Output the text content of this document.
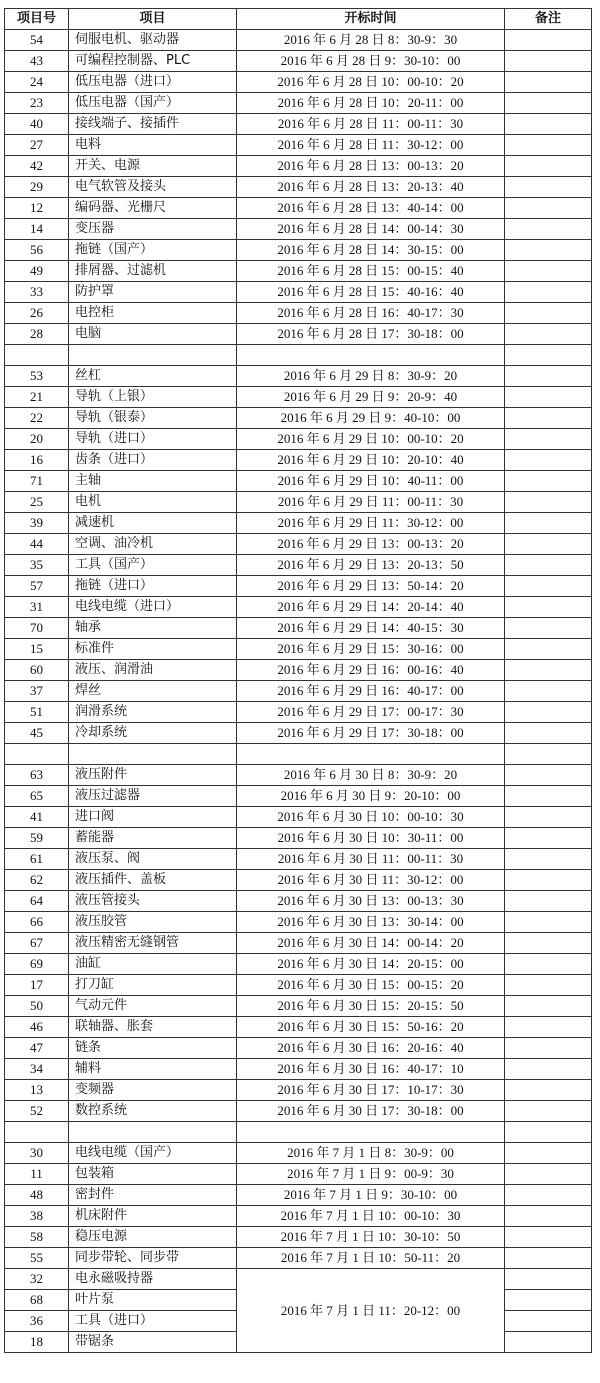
项目号	项目	开标时间	备注
54	伺服电机、驱动器	2016 年 6 月 28 日 8：30-9：30	
43	可编程控制器、PLC	2016 年 6 月 28 日 9：30-10：00	
24	低压电器（进口）	2016 年 6 月 28 日 10：00-10：20	
23	低压电器（国产）	2016 年 6 月 28 日 10：20-11：00	
40	接线端子、接插件	2016 年 6 月 28 日 11：00-11：30	
27	电料	2016 年 6 月 28 日 11：30-12：00	
42	开关、电源	2016 年 6 月 28 日 13：00-13：20	
29	电气软管及接头	2016 年 6 月 28 日 13：20-13：40	
12	编码器、光栅尺	2016 年 6 月 28 日 13：40-14：00	
14	变压器	2016 年 6 月 28 日 14：00-14：30	
56	拖链（国产）	2016 年 6 月 28 日 14：30-15：00	
49	排屑器、过滤机	2016 年 6 月 28 日 15：00-15：40	
33	防护罩	2016 年 6 月 28 日 15：40-16：40	
26	电控柜	2016 年 6 月 28 日 16：40-17：30	
28	电脑	2016 年 6 月 28 日 17：30-18：00	

53	丝杠	2016 年 6 月 29 日 8：30-9：20	
21	导轨（上银）	2016 年 6 月 29 日 9：20-9：40	
22	导轨（银泰）	2016 年 6 月 29 日 9：40-10：00	
20	导轨（进口）	2016 年 6 月 29 日 10：00-10：20	
16	齿条（进口）	2016 年 6 月 29 日 10：20-10：40	
71	主轴	2016 年 6 月 29 日 10：40-11：00	
25	电机	2016 年 6 月 29 日 11：00-11：30	
39	减速机	2016 年 6 月 29 日 11：30-12：00	
44	空调、油冷机	2016 年 6 月 29 日 13：00-13：20	
35	工具（国产）	2016 年 6 月 29 日 13：20-13：50	
57	拖链（进口）	2016 年 6 月 29 日 13：50-14：20	
31	电线电缆（进口）	2016 年 6 月 29 日 14：20-14：40	
70	轴承	2016 年 6 月 29 日 14：40-15：30	
15	标准件	2016 年 6 月 29 日 15：30-16：00	
60	液压、润滑油	2016 年 6 月 29 日 16：00-16：40	
37	焊丝	2016 年 6 月 29 日 16：40-17：00	
51	润滑系统	2016 年 6 月 29 日 17：00-17：30	
45	冷却系统	2016 年 6 月 29 日 17：30-18：00	

63	液压附件	2016 年 6 月 30 日 8：30-9：20	
65	液压过滤器	2016 年 6 月 30 日 9：20-10：00	
41	进口阀	2016 年 6 月 30 日 10：00-10：30	
59	蓄能器	2016 年 6 月 30 日 10：30-11：00	
61	液压泵、阀	2016 年 6 月 30 日 11：00-11：30	
62	液压插件、盖板	2016 年 6 月 30 日 11：30-12：00	
64	液压管接头	2016 年 6 月 30 日 13：00-13：30	
66	液压胶管	2016 年 6 月 30 日 13：30-14：00	
67	液压精密无缝钢管	2016 年 6 月 30 日 14：00-14：20	
69	油缸	2016 年 6 月 30 日 14：20-15：00	
17	打刀缸	2016 年 6 月 30 日 15：00-15：20	
50	气动元件	2016 年 6 月 30 日 15：20-15：50	
46	联轴器、胀套	2016 年 6 月 30 日 15：50-16：20	
47	链条	2016 年 6 月 30 日 16：20-16：40	
34	辅料	2016 年 6 月 30 日 16：40-17：10	
13	变频器	2016 年 6 月 30 日 17：10-17：30	
52	数控系统	2016 年 6 月 30 日 17：30-18：00	

30	电线电缆（国产）	2016 年 7 月 1 日 8：30-9：00	
11	包装箱	2016 年 7 月 1 日 9：00-9：30	
48	密封件	2016 年 7 月 1 日 9：30-10：00	
38	机床附件	2016 年 7 月 1 日 10：00-10：30	
58	稳压电源	2016 年 7 月 1 日 10：30-10：50	
55	同步带轮、同步带	2016 年 7 月 1 日 10：50-11：20	
32	电永磁吸持器	2016 年 7 月 1 日 11：20-12：00	
68	叶片泵		
36	工具（进口）		
18	带锯条		
